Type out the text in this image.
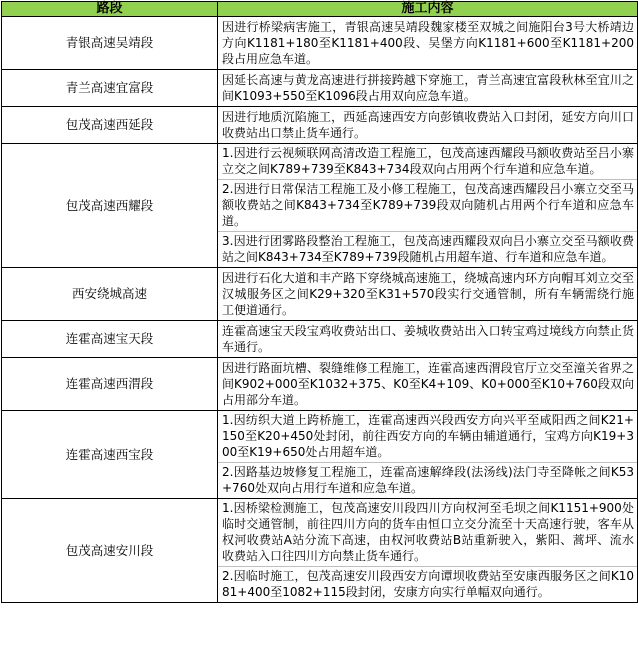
路段	施工内容
青银高速吴靖段	因进行桥梁病害施工，青银高速吴靖段魏家楼至双城之间施阳台3号大桥靖边方向K1181+180至K1181+400段、吴堡方向K1181+600至K1181+200段占用应急车道。

青兰高速宜富段	因延长高速与黄龙高速进行拼接跨越下穿施工，青兰高速宜富段秋林至宜川之间K1093+550至K1096段占用双向应急车道。

包茂高速西延段	因进行地质沉陷施工，西延高速西安方向彭镇收费站入口封闭，延安方向川口收费站出口禁止货车通行。

包茂高速西耀段	1.因进行云视频联网高清改造工程施工，包茂高速西耀段马额收费站至吕小寨立交之间K789+739至K843+734段双向占用两个行车道和应急车道。
2.因进行日常保洁工程施工及小修工程施工，包茂高速西耀段吕小寨立交至马额收费站之间K843+734至K789+739段双向随机占用两个行车道和应急车道。
3.因进行团雾路段整治工程施工，包茂高速西耀段双向吕小寨立交至马额收费站之间K843+734至K789+739段随机占用超车道、行车道和应急车道。

西安绕城高速	因进行石化大道和丰产路下穿绕城高速施工，绕城高速内环方向帽耳刘立交至汉城服务区之间K29+320至K31+570段实行交通管制，所有车辆需绕行施工便道通行。

连霍高速宝天段	连霍高速宝天段宝鸡收费站出口、姜城收费站出入口转宝鸡过境线方向禁止货车通行。

连霍高速西渭段	因进行路面坑槽、裂缝维修工程施工，连霍高速西渭段官厅立交至潼关省界之间K902+000至K1032+375、K0至K4+109、K0+000至K10+760段双向占用部分车道。

连霍高速西宝段	1.因纺织大道上跨桥施工，连霍高速西兴段西安方向兴平至咸阳西之间K21+150至K20+450处封闭，前往西安方向的车辆由辅道通行，宝鸡方向K19+300至K19+650处占用超车道。
2.因路基边坡修复工程施工，连霍高速解绛段(法汤线)法门寺至降帐之间K53+760处双向占用行车道和应急车道。

包茂高速安川段	1.因桥梁检测施工，包茂高速安川段四川方向权河至毛坝之间K1151+900处临时交通管制，前往四川方向的货车由恒口立交分流至十天高速行驶，客车从权河收费站A站分流下高速，由权河收费站B站重新驶入，紫阳、蒿坪、流水收费站入口往四川方向禁止货车通行。
2.因临时施工，包茂高速安川段西安方向谭坝收费站至安康西服务区之间K1081+400至1082+115段封闭，安康方向实行单幅双向通行。
